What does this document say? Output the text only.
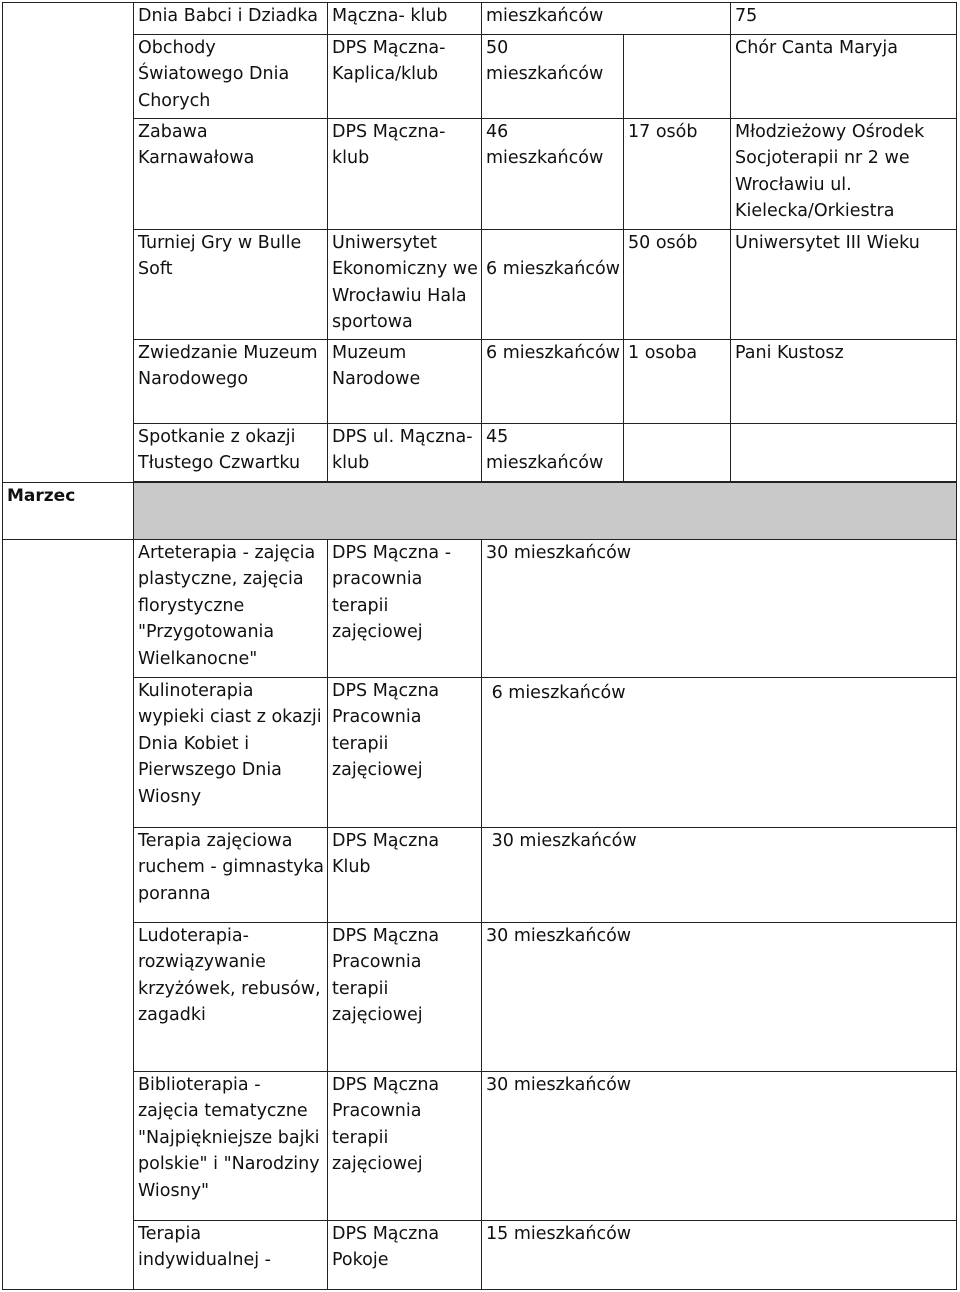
	Dnia Babci i Dziadka	Mączna- klub	mieszkańców		75
	Obchody Światowego Dnia Chorych	DPS Mączna- Kaplica/klub	50 mieszkańców		Chór Canta Maryja
	Zabawa Karnawałowa	DPS Mączna- klub	46 mieszkańców	17 osób	Młodzieżowy Ośrodek Socjoterapii nr 2 we Wrocławiu ul. Kielecka/Orkiestra
	Turniej Gry w Bulle Soft	Uniwersytet Ekonomiczny we Wrocławiu Hala sportowa	6 mieszkańców	50 osób	Uniwersytet III Wieku
	Zwiedzanie Muzeum Narodowego	Muzeum Narodowe	6 mieszkańców	1 osoba	Pani Kustosz
	Spotkanie z okazji Tłustego Czwartku	DPS ul. Mączna- klub	45 mieszkańców		

Marzec					
	Arteterapia - zajęcia plastyczne, zajęcia florystyczne "Przygotowania Wielkanocne"	DPS Mączna - pracownia terapii zajęciowej	30 mieszkańców		
	Kulinoterapia wypieki ciast z okazji Dnia Kobiet i Pierwszego Dnia Wiosny	DPS Mączna Pracownia terapii zajęciowej	6 mieszkańców		
	Terapia zajęciowa ruchem - gimnastyka poranna	DPS Mączna Klub	30 mieszkańców		
	Ludoterapia- rozwiązywanie krzyżówek, rebusów, zagadki	DPS Mączna Pracownia terapii zajęciowej	30 mieszkańców		
	Biblioterapia - zajęcia tematyczne "Najpiękniejsze bajki polskie" i "Narodziny Wiosny"	DPS Mączna Pracownia terapii zajęciowej	30 mieszkańców		
	Terapia indywidualnej -	DPS Mączna Pokoje	15 mieszkańców		
